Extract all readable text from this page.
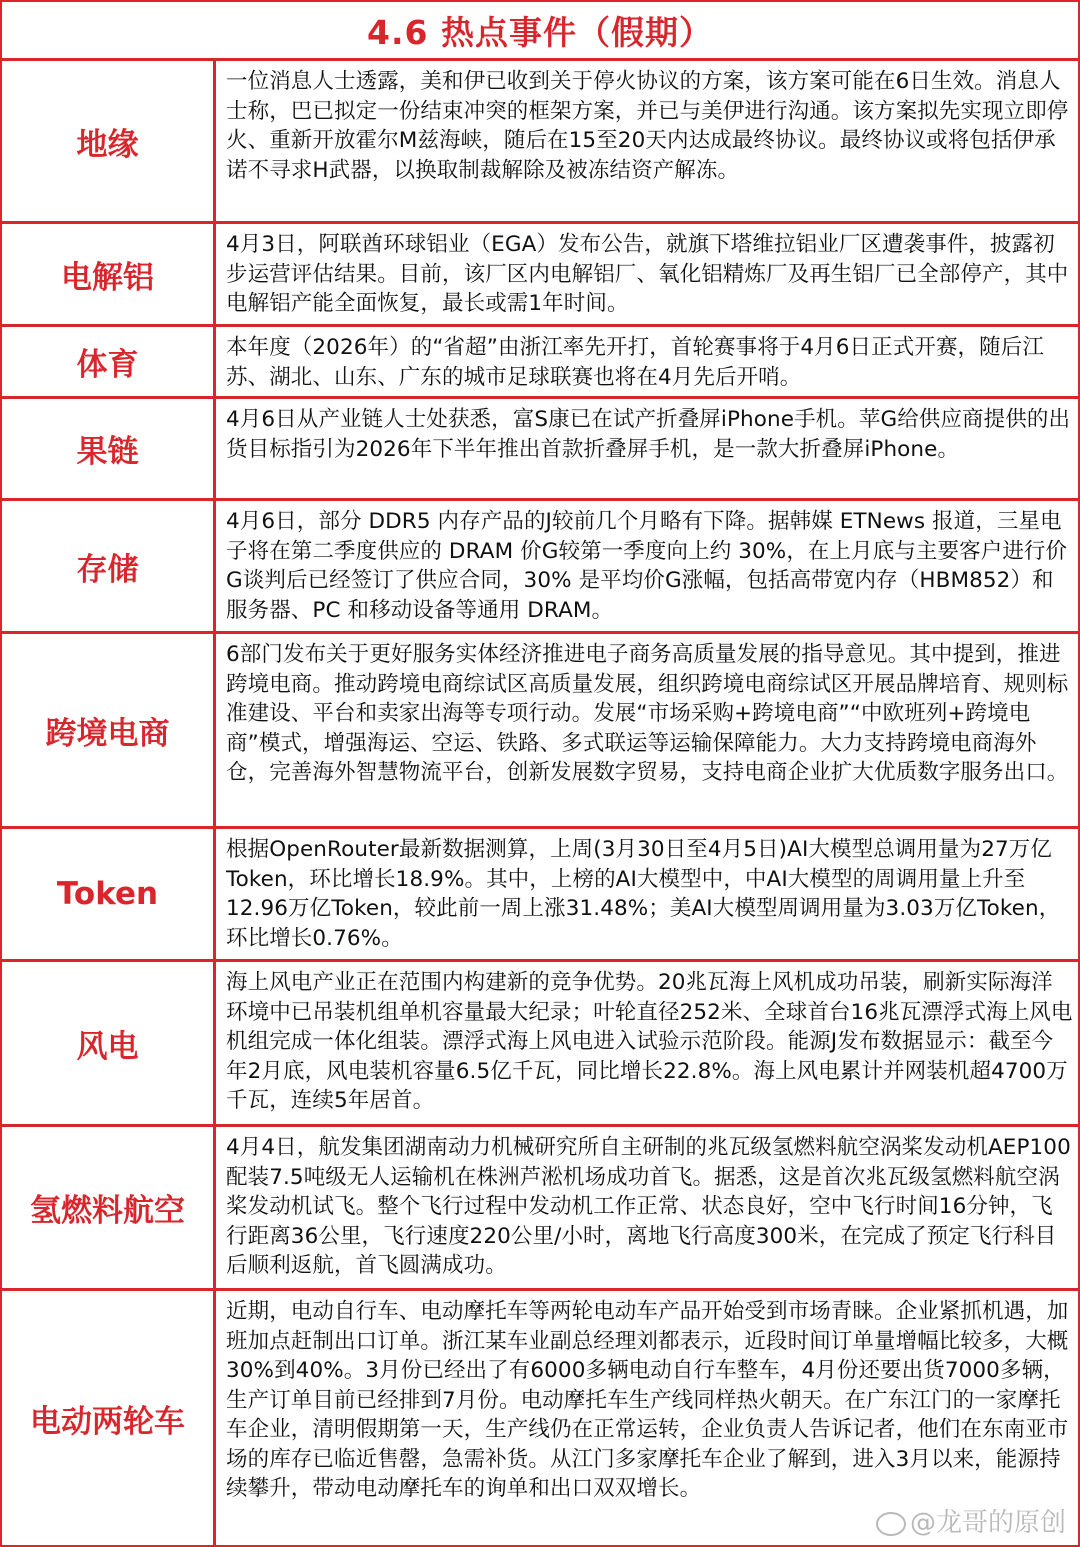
4.6 热点事件（假期）
地缘
一位消息人士透露，美和伊已收到关于停火协议的方案，该方案可能在6日生效。消息人士称，巴已拟定一份结束冲突的框架方案，并已与美伊进行沟通。该方案拟先实现立即停火、重新开放霍尔M兹海峡，随后在15至20天内达成最终协议。最终协议或将包括伊承诺不寻求H武器，以换取制裁解除及被冻结资产解冻。
电解铝
4月3日，阿联酋环球铝业（EGA）发布公告，就旗下塔维拉铝业厂区遭袭事件，披露初步运营评估结果。目前，该厂区内电解铝厂、氧化铝精炼厂及再生铝厂已全部停产，其中电解铝产能全面恢复，最长或需1年时间。
体育	本年度（2026年）的“省超”由浙江率先开打，首轮赛事将于4月6日正式开赛，随后江苏、湖北、山东、广东的城市足球联赛也将在4月先后开哨。
果链
4月6日从产业链人士处获悉，富S康已在试产折叠屏iPhone手机。苹G给供应商提供的出货目标指引为2026年下半年推出首款折叠屏手机，是一款大折叠屏iPhone。
存储
4月6日，部分 DDR5 内存产品的J较前几个月略有下降。据韩媒 ETNews 报道，三星电子将在第二季度供应的 DRAM 价G较第一季度向上约 30%，在上月底与主要客户进行价G谈判后已经签订了供应合同，30% 是平均价G涨幅，包括高带宽内存（HBM852）和服务器、PC 和移动设备等通用 DRAM。
跨境电商
6部门发布关于更好服务实体经济推进电子商务高质量发展的指导意见。其中提到，推进跨境电商。推动跨境电商综试区高质量发展，组织跨境电商综试区开展品牌培育、规则标准建设、平台和卖家出海等专项行动。发展“市场采购+跨境电商”“中欧班列+跨境电商”模式，增强海运、空运、铁路、多式联运等运输保障能力。大力支持跨境电商海外仓，完善海外智慧物流平台，创新发展数字贸易，支持电商企业扩大优质数字服务出口。
Token
根据OpenRouter最新数据测算，上周(3月30日至4月5日)AI大模型总调用量为27万亿Token，环比增长18.9%。其中，上榜的AI大模型中，中AI大模型的周调用量上升至12.96万亿Token，较此前一周上涨31.48%；美AI大模型周调用量为3.03万亿Token，环比增长0.76%。
风电
海上风电产业正在范围内构建新的竞争优势。20兆瓦海上风机成功吊装，刷新实际海洋环境中已吊装机组单机容量最大纪录；叶轮直径252米、全球首台16兆瓦漂浮式海上风电机组完成一体化组装。漂浮式海上风电进入试验示范阶段。能源J发布数据显示：截至今年2月底，风电装机容量6.5亿千瓦，同比增长22.8%。海上风电累计并网装机超4700万千瓦，连续5年居首。
氢燃料航空
4月4日，航发集团湖南动力机械研究所自主研制的兆瓦级氢燃料航空涡桨发动机AEP100配装7.5吨级无人运输机在株洲芦淞机场成功首飞。据悉，这是首次兆瓦级氢燃料航空涡桨发动机试飞。整个飞行过程中发动机工作正常、状态良好，空中飞行时间16分钟，飞行距离36公里，飞行速度220公里/小时，离地飞行高度300米，在完成了预定飞行科目后顺利返航，首飞圆满成功。
电动两轮车
近期，电动自行车、电动摩托车等两轮电动车产品开始受到市场青睐。企业紧抓机遇，加班加点赶制出口订单。浙江某车业副总经理刘都表示，近段时间订单量增幅比较多，大概30%到40%。3月份已经出了有6000多辆电动自行车整车，4月份还要出货7000多辆，生产订单目前已经排到7月份。电动摩托车生产线同样热火朝天。在广东江门的一家摩托车企业，清明假期第一天，生产线仍在正常运转，企业负责人告诉记者，他们在东南亚市场的库存已临近售罄，急需补货。从江门多家摩托车企业了解到，进入3月以来，能源持续攀升，带动电动摩托车的询单和出口双双增长。
@龙哥的原创
